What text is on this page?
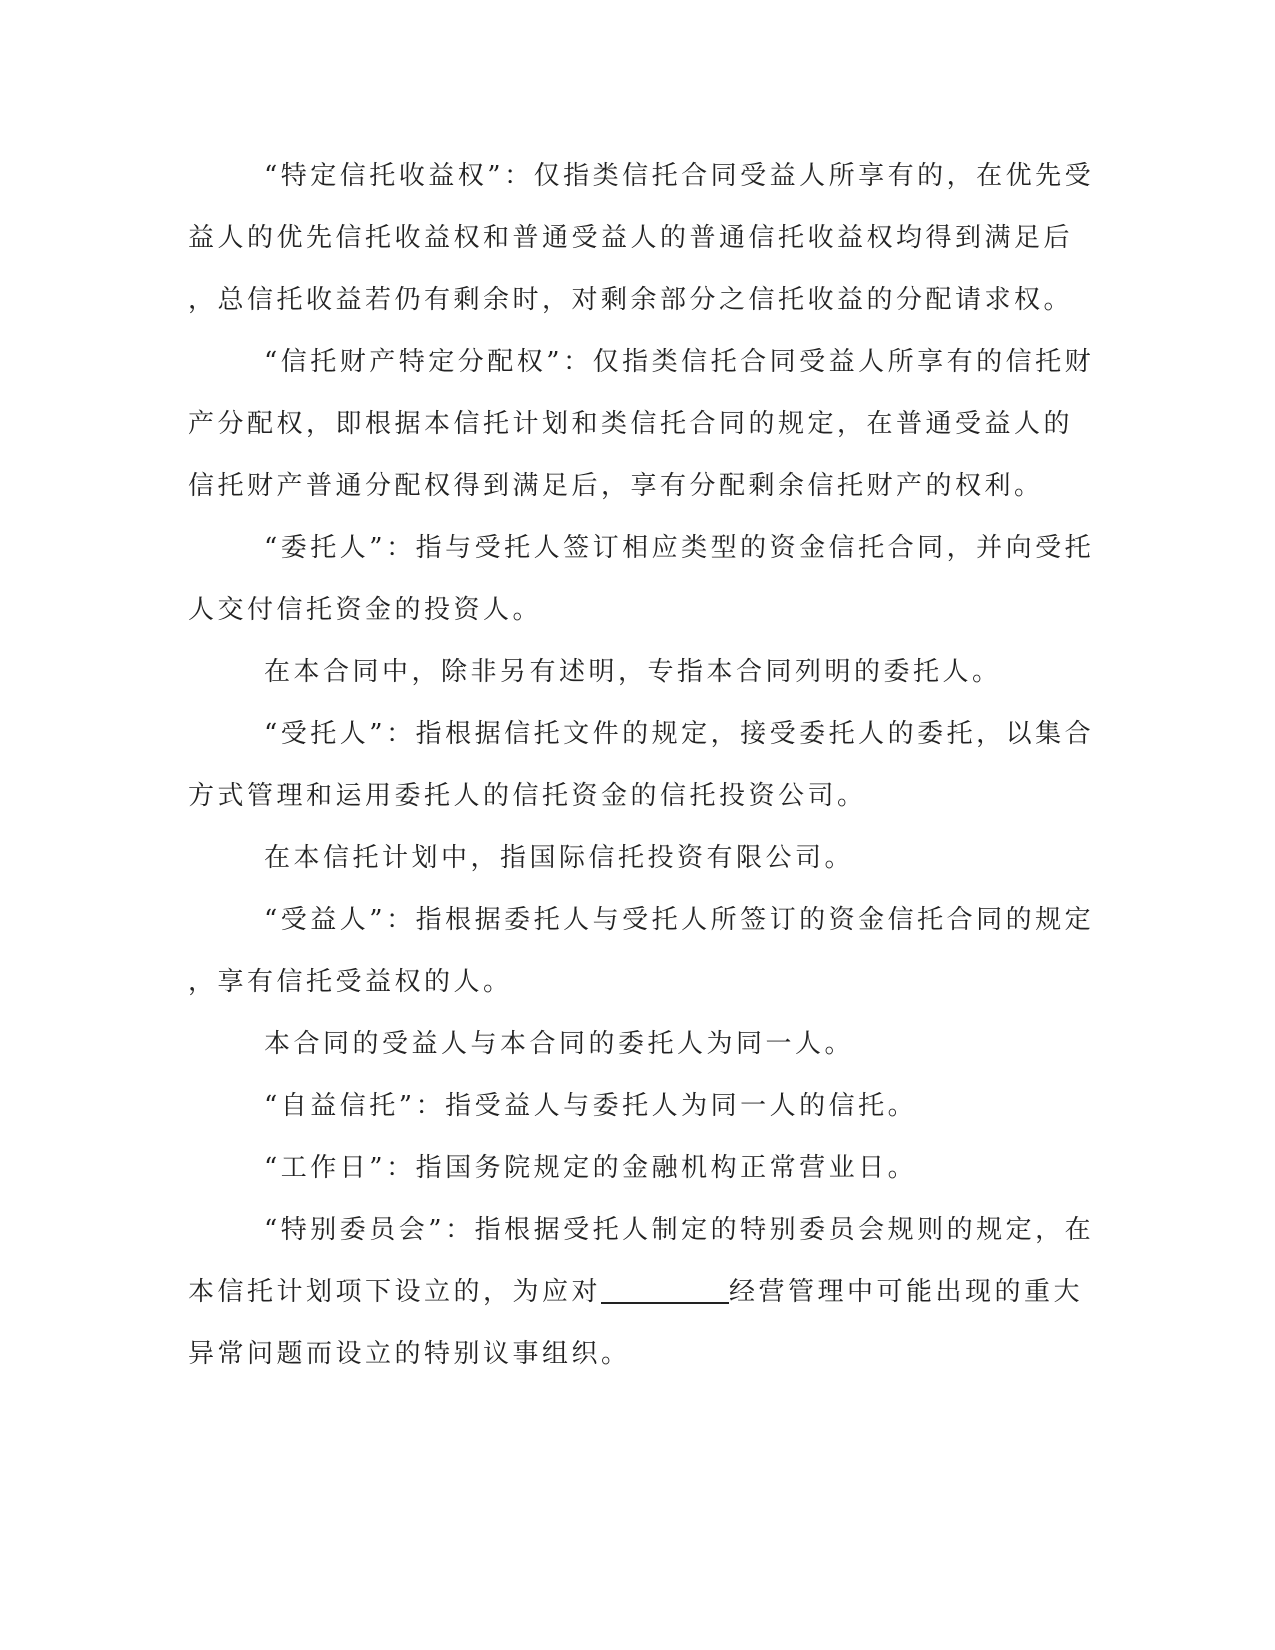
“特定信托收益权”：仅指类信托合同受益人所享有的，在优先受
益人的优先信托收益权和普通受益人的普通信托收益权均得到满足后
，总信托收益若仍有剩余时，对剩余部分之信托收益的分配请求权。
“信托财产特定分配权”：仅指类信托合同受益人所享有的信托财
产分配权，即根据本信托计划和类信托合同的规定，在普通受益人的
信托财产普通分配权得到满足后，享有分配剩余信托财产的权利。
“委托人”：指与受托人签订相应类型的资金信托合同，并向受托
人交付信托资金的投资人。
在本合同中，除非另有述明，专指本合同列明的委托人。
“受托人”：指根据信托文件的规定，接受委托人的委托，以集合
方式管理和运用委托人的信托资金的信托投资公司。
在本信托计划中，指国际信托投资有限公司。
“受益人”：指根据委托人与受托人所签订的资金信托合同的规定
，享有信托受益权的人。
本合同的受益人与本合同的委托人为同一人。
“自益信托”：指受益人与委托人为同一人的信托。
“工作日”：指国务院规定的金融机构正常营业日。
“特别委员会”：指根据受托人制定的特别委员会规则的规定，在
本信托计划项下设立的，为应对	经营管理中可能出现的重大
异常问题而设立的特别议事组织。
